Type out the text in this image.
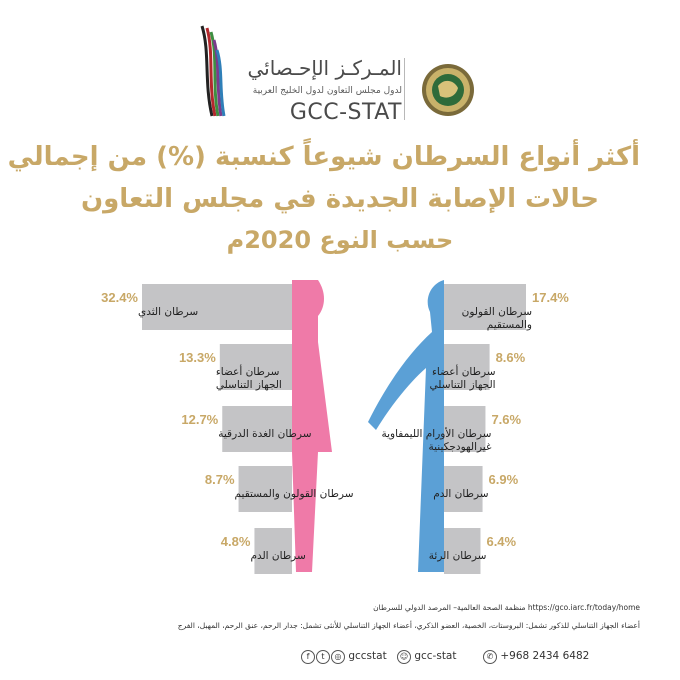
المـركـز الإحـصائي
لدول مجلس التعاون لدول الخليج العربية
GCC-STAT
أكثر أنواع السرطان شيوعاً كنسبة (%) من إجمالي
حالات الإصابة الجديدة في مجلس التعاون
حسب النوع 2020م
32.4%
سرطان الثدي
13.3%
سرطان أعضاء
الجهاز التناسلي
12.7%
سرطان الغدة الدرقية
8.7%
سرطان القولون والمستقيم
4.8%
سرطان الدم
17.4%
سرطان القولون
والمستقيم
8.6%
سرطان أعضاء
الجهاز التناسلي
7.6%
سرطان الأورام الليمفاوية
غيرالهودجكينية
6.9%
سرطان الدم
6.4%
سرطان الرئة
https://gco.iarc.fr/today/home منظمة الصحة العالمية– المرصد الدولي للسرطان
أعضاء الجهاز التناسلي للذكور تشمل: البروستات، الخصية، العضو الذكري، أعضاء الجهاز التناسلي للأنثى تشمل: جدار الرحم، عنق الرحم، المهبل، الفرج
f t ◎ gccstat	☺ gcc-stat	✆ +968 2434 6482
